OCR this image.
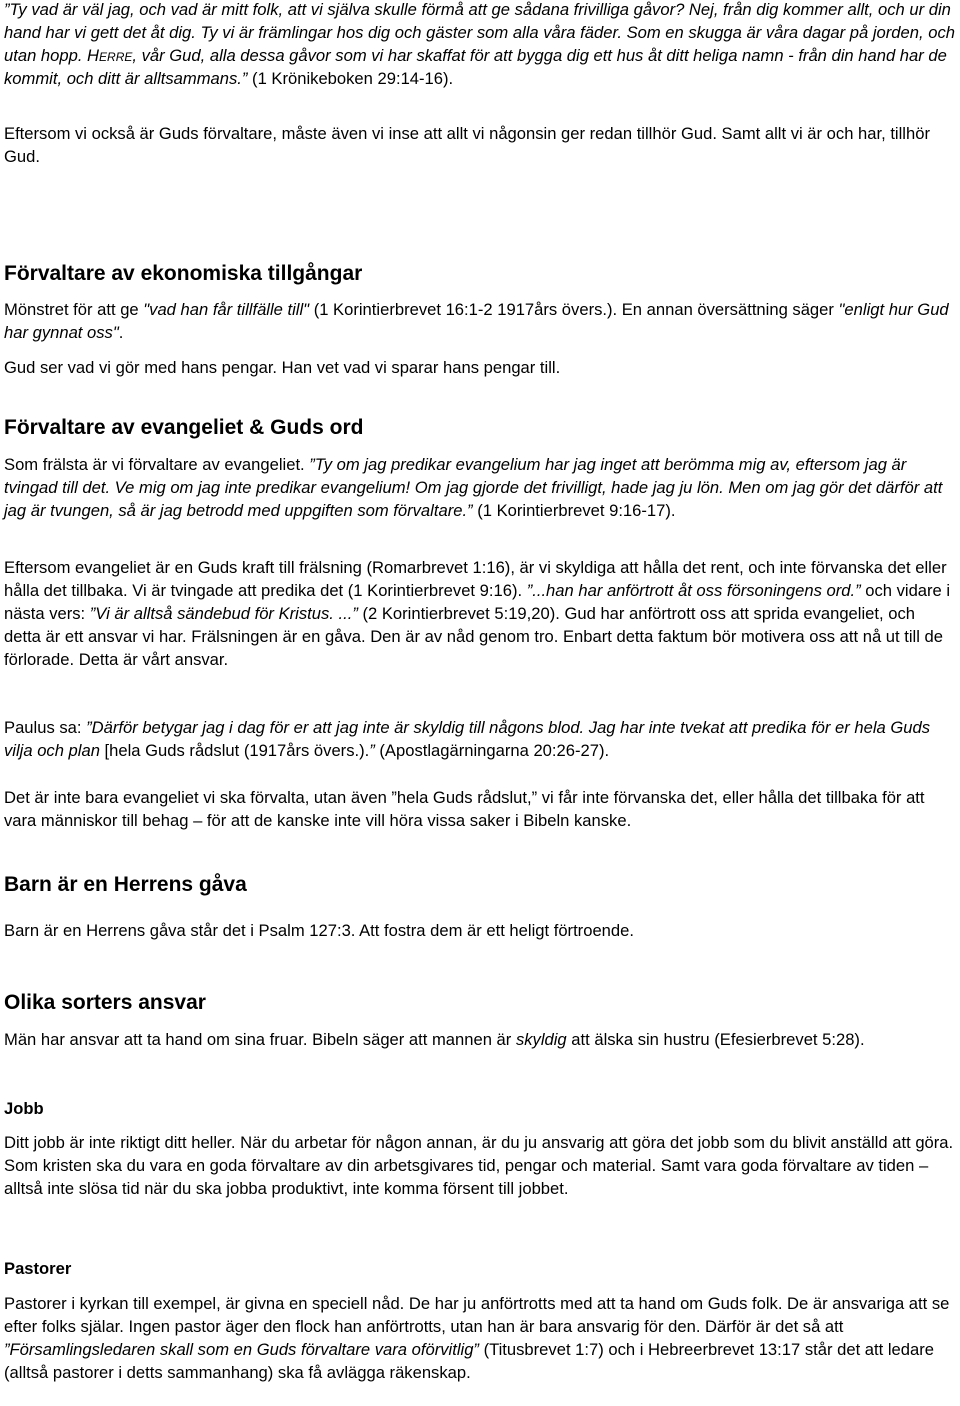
”Ty vad är väl jag, och vad är mitt folk, att vi själva skulle förmå att ge sådana frivilliga gåvor? Nej, från dig kommer allt, och ur din hand har vi gett det åt dig. Ty vi är främlingar hos dig och gäster som alla våra fäder. Som en skugga är våra dagar på jorden, och utan hopp. Herre, vår Gud, alla dessa gåvor som vi har skaffat för att bygga dig ett hus åt ditt heliga namn - från din hand har de kommit, och ditt är alltsammans.” (1 Krönikeboken 29:14-16).

Eftersom vi också är Guds förvaltare, måste även vi inse att allt vi någonsin ger redan tillhör Gud. Samt allt vi är och har, tillhör Gud.

Förvaltare av ekonomiska tillgångar

Mönstret för att ge "vad han får tillfälle till" (1 Korintierbrevet 16:1-2 1917års övers.). En annan översättning säger "enligt hur Gud har gynnat oss".

Gud ser vad vi gör med hans pengar. Han vet vad vi sparar hans pengar till.

Förvaltare av evangeliet & Guds ord

Som frälsta är vi förvaltare av evangeliet. ”Ty om jag predikar evangelium har jag inget att berömma mig av, eftersom jag är tvingad till det. Ve mig om jag inte predikar evangelium! Om jag gjorde det frivilligt, hade jag ju lön. Men om jag gör det därför att jag är tvungen, så är jag betrodd med uppgiften som förvaltare.” (1 Korintierbrevet 9:16-17).

Eftersom evangeliet är en Guds kraft till frälsning (Romarbrevet 1:16), är vi skyldiga att hålla det rent, och inte förvanska det eller hålla det tillbaka. Vi är tvingade att predika det (1 Korintierbrevet 9:16). ”...han har anförtrott åt oss försoningens ord.” och vidare i nästa vers: ”Vi är alltså sändebud för Kristus. ...” (2 Korintierbrevet 5:19,20). Gud har anförtrott oss att sprida evangeliet, och detta är ett ansvar vi har. Frälsningen är en gåva. Den är av nåd genom tro. Enbart detta faktum bör motivera oss att nå ut till de förlorade. Detta är vårt ansvar.

Paulus sa: ”Därför betygar jag i dag för er att jag inte är skyldig till någons blod. Jag har inte tvekat att predika för er hela Guds vilja och plan [hela Guds rådslut (1917års övers.).” (Apostlagärningarna 20:26-27).

Det är inte bara evangeliet vi ska förvalta, utan även ”hela Guds rådslut,” vi får inte förvanska det, eller hålla det tillbaka för att vara människor till behag – för att de kanske inte vill höra vissa saker i Bibeln kanske.

Barn är en Herrens gåva

Barn är en Herrens gåva står det i Psalm 127:3. Att fostra dem är ett heligt förtroende.

Olika sorters ansvar

Män har ansvar att ta hand om sina fruar. Bibeln säger att mannen är skyldig att älska sin hustru (Efesierbrevet 5:28).

Jobb

Ditt jobb är inte riktigt ditt heller. När du arbetar för någon annan, är du ju ansvarig att göra det jobb som du blivit anställd att göra. Som kristen ska du vara en goda förvaltare av din arbetsgivares tid, pengar och material. Samt vara goda förvaltare av tiden – alltså inte slösa tid när du ska jobba produktivt, inte komma försent till jobbet.

Pastorer

Pastorer i kyrkan till exempel, är givna en speciell nåd. De har ju anförtrotts med att ta hand om Guds folk. De är ansvariga att se efter folks själar. Ingen pastor äger den flock han anförtrotts, utan han är bara ansvarig för den. Därför är det så att ”Församlingsledaren skall som en Guds förvaltare vara oförvitlig” (Titusbrevet 1:7) och i Hebreerbrevet 13:17 står det att ledare (alltså pastorer i detts sammanhang) ska få avlägga räkenskap.
